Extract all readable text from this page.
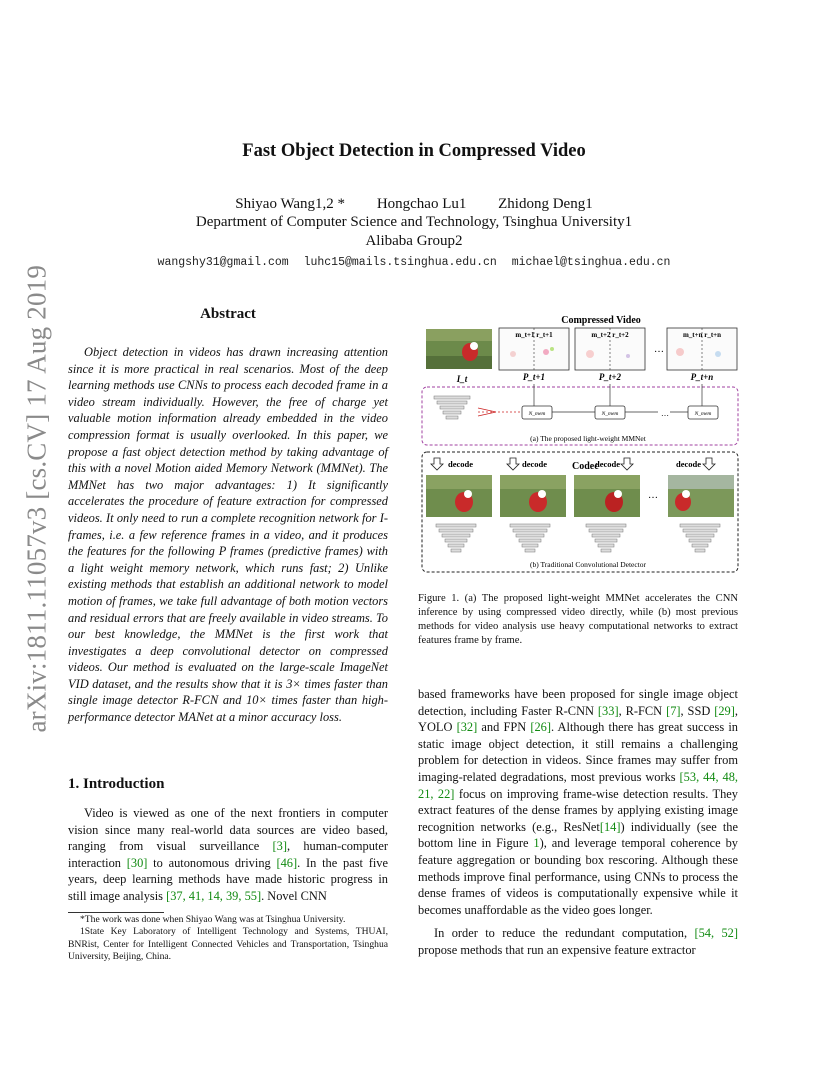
arXiv:1811.11057v3 [cs.CV] 17 Aug 2019
Fast Object Detection in Compressed Video
Shiyao Wang1,2 * Hongchao Lu1 Zhidong Deng1
Department of Computer Science and Technology, Tsinghua University1
Alibaba Group2
wangshy31@gmail.com luhc15@mails.tsinghua.edu.cn michael@tsinghua.edu.cn
Abstract

Object detection in videos has drawn increasing attention since it is more practical in real scenarios. Most of the deep learning methods use CNNs to process each decoded frame in a video stream individually. However, the free of charge yet valuable motion information already embedded in the video compression format is usually overlooked. In this paper, we propose a fast object detection method by taking advantage of this with a novel Motion aided Memory Network (MMNet). The MMNet has two major advantages: 1) It significantly accelerates the procedure of feature extraction for compressed videos. It only need to run a complete recognition network for I-frames, i.e. a few reference frames in a video, and it produces the features for the following P frames (predictive frames) with a light weight memory network, which runs fast; 2) Unlike existing methods that establish an additional network to model motion of frames, we take full advantage of both motion vectors and residual errors that are freely available in video streams. To our best knowledge, the MMNet is the first work that investigates a deep convolutional detector on compressed videos. Our method is evaluated on the large-scale ImageNet VID dataset, and the results show that it is 3× times faster than single image detector R-FCN and 10× times faster than high-performance detector MANet at a minor accuracy loss.

1. Introduction

Video is viewed as one of the next frontiers in computer vision since many real-world data sources are video based, ranging from visual surveillance [3], human-computer interaction [30] to autonomous driving [46]. In the past five years, deep learning methods have made historic progress in still image analysis [37, 41, 14, 39, 55]. Novel CNN

*The work was done when Shiyao Wang was at Tsinghua University.

1State Key Laboratory of Intelligent Technology and Systems, THUAI, BNRist, Center for Intelligent Connected Vehicles and Transportation, Tsinghua University, Beijing, China.

Compressed Video
m_t+1 r_t+1	m_t+2 r_t+2
…
m_t+n r_t+n
I_t	P_t+1	P_t+2	P_t+n
N_mem	N_mem	N_mem
…
(a) The proposed light-weight MMNet
decode	decode Codec
decode	decode
…
(b) Traditional Convolutional Detector
Figure 1. (a) The proposed light-weight MMNet accelerates the CNN inference by using compressed video directly, while (b) most previous methods for video analysis use heavy computational networks to extract features frame by frame.

based frameworks have been proposed for single image object detection, including Faster R-CNN [33], R-FCN [7], SSD [29], YOLO [32] and FPN [26]. Although there has great success in static image object detection, it still remains a challenging problem for detection in videos. Since frames may suffer from imaging-related degradations, most previous works [53, 44, 48, 21, 22] focus on improving frame-wise detection results. They extract features of the dense frames by applying existing image recognition networks (e.g., ResNet[14]) individually (see the bottom line in Figure 1), and leverage temporal coherence by feature aggregation or bounding box rescoring. Although these methods improve final performance, using CNNs to process the dense frames of videos is computationally expensive while it becomes unaffordable as the video goes longer.

In order to reduce the redundant computation, [54, 52] propose methods that run an expensive feature extractor
